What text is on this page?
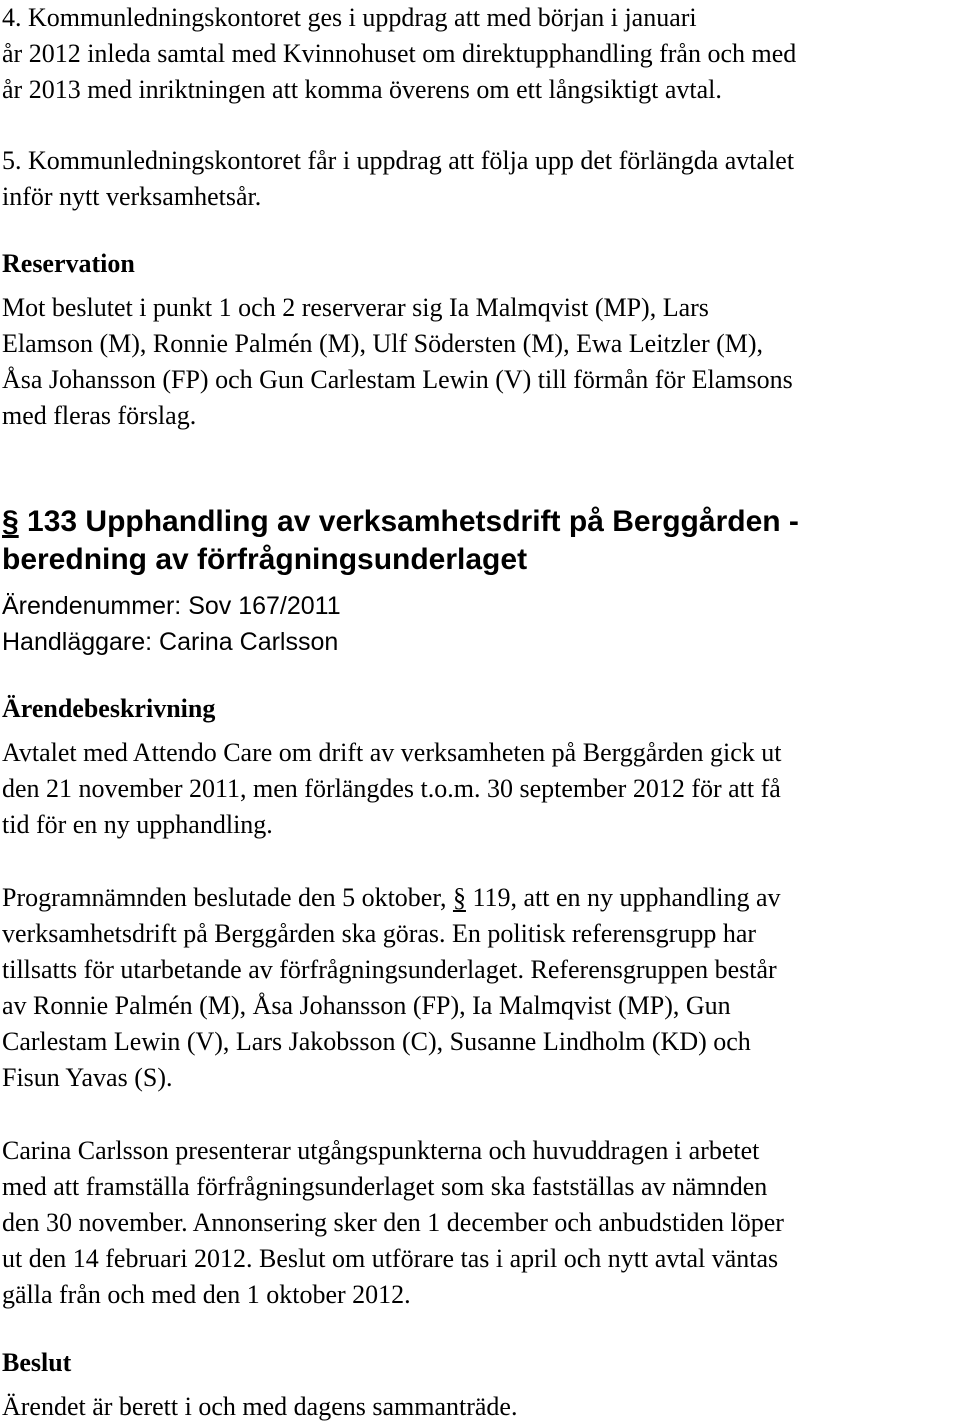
4. Kommunledningskontoret ges i uppdrag att med början i januari
år 2012 inleda samtal med Kvinnohuset om direktupphandling från och med
år 2013 med inriktningen att komma överens om ett långsiktigt avtal.
5. Kommunledningskontoret får i uppdrag att följa upp det förlängda avtalet
inför nytt verksamhetsår.
Reservation
Mot beslutet i punkt 1 och 2 reserverar sig Ia Malmqvist (MP), Lars
Elamson (M), Ronnie Palmén (M), Ulf Södersten (M), Ewa Leitzler (M),
Åsa Johansson (FP) och Gun Carlestam Lewin (V) till förmån för Elamsons
med fleras förslag.
§ 133 Upphandling av verksamhetsdrift på Berggården -
beredning av förfrågningsunderlaget
Ärendenummer: Sov 167/2011
Handläggare: Carina Carlsson
Ärendebeskrivning
Avtalet med Attendo Care om drift av verksamheten på Berggården gick ut
den 21 november 2011, men förlängdes t.o.m. 30 september 2012 för att få
tid för en ny upphandling.
Programnämnden beslutade den 5 oktober, § 119, att en ny upphandling av
verksamhetsdrift på Berggården ska göras. En politisk referensgrupp har
tillsatts för utarbetande av förfrågningsunderlaget. Referensgruppen består
av Ronnie Palmén (M), Åsa Johansson (FP), Ia Malmqvist (MP), Gun
Carlestam Lewin (V), Lars Jakobsson (C), Susanne Lindholm (KD) och
Fisun Yavas (S).
Carina Carlsson presenterar utgångspunkterna och huvuddragen i arbetet
med att framställa förfrågningsunderlaget som ska fastställas av nämnden
den 30 november. Annonsering sker den 1 december och anbudstiden löper
ut den 14 februari 2012. Beslut om utförare tas i april och nytt avtal väntas
gälla från och med den 1 oktober 2012.
Beslut
Ärendet är berett i och med dagens sammanträde.
